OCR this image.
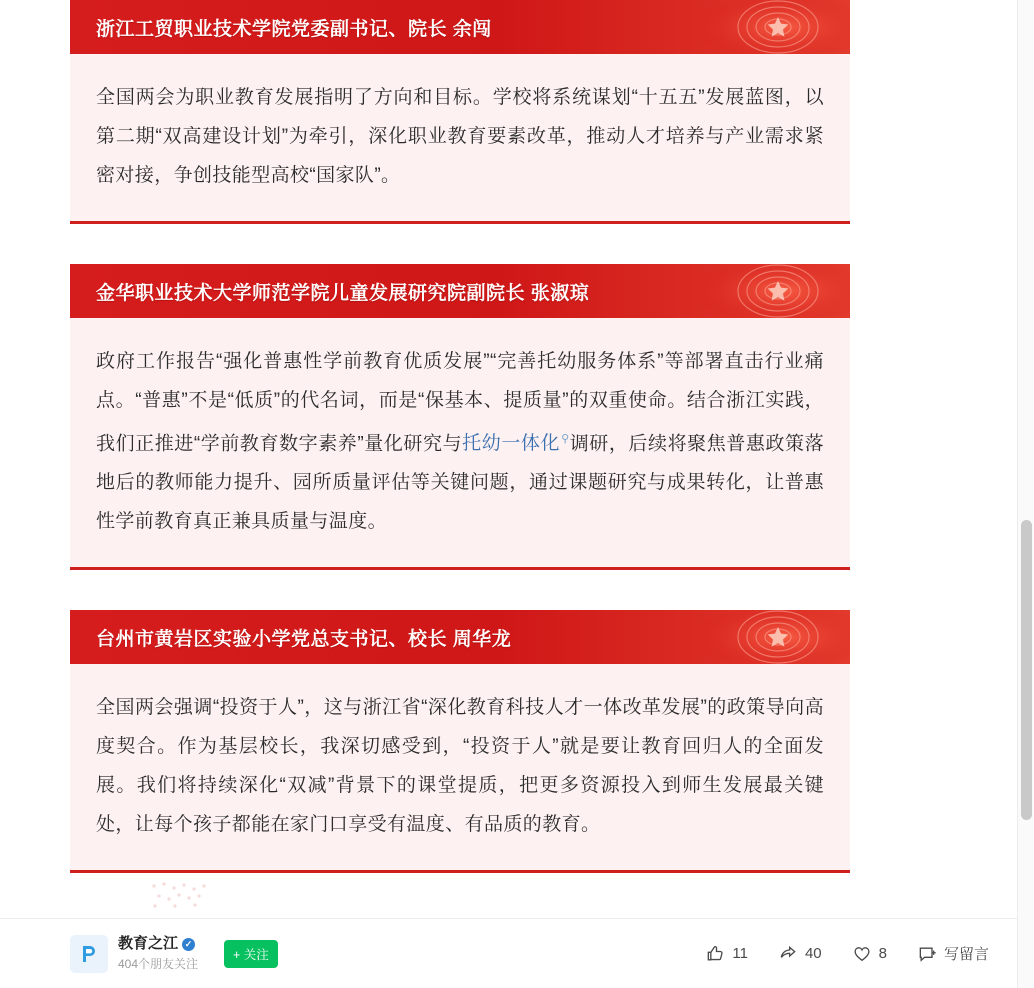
浙江工贸职业技术学院党委副书记、院长 余闯

全国两会为职业教育发展指明了方向和目标。学校将系统谋划“十五五”发展蓝图，以第二期“双高建设计划”为牵引，深化职业教育要素改革，推动人才培养与产业需求紧密对接，争创技能型高校“国家队”。

金华职业技术大学师范学院儿童发展研究院副院长 张淑琼

政府工作报告“强化普惠性学前教育优质发展”“完善托幼服务体系”等部署直击行业痛点。“普惠”不是“低质”的代名词，而是“保基本、提质量”的双重使命。结合浙江实践，我们正推进“学前教育数字素养”量化研究与托幼一体化⚲调研，后续将聚焦普惠政策落地后的教师能力提升、园所质量评估等关键问题，通过课题研究与成果转化，让普惠性学前教育真正兼具质量与温度。

台州市黄岩区实验小学党总支书记、校长 周华龙

全国两会强调“投资于人”，这与浙江省“深化教育科技人才一体改革发展”的政策导向高度契合。作为基层校长，我深切感受到，“投资于人”就是要让教育回归人的全面发展。我们将持续深化“双减”背景下的课堂提质，把更多资源投入到师生发展最关键处，让每个孩子都能在家门口享受有温度、有品质的教育。

教育之江 ✓
404个朋友关注
+ 关注	11	40	8	写留言
